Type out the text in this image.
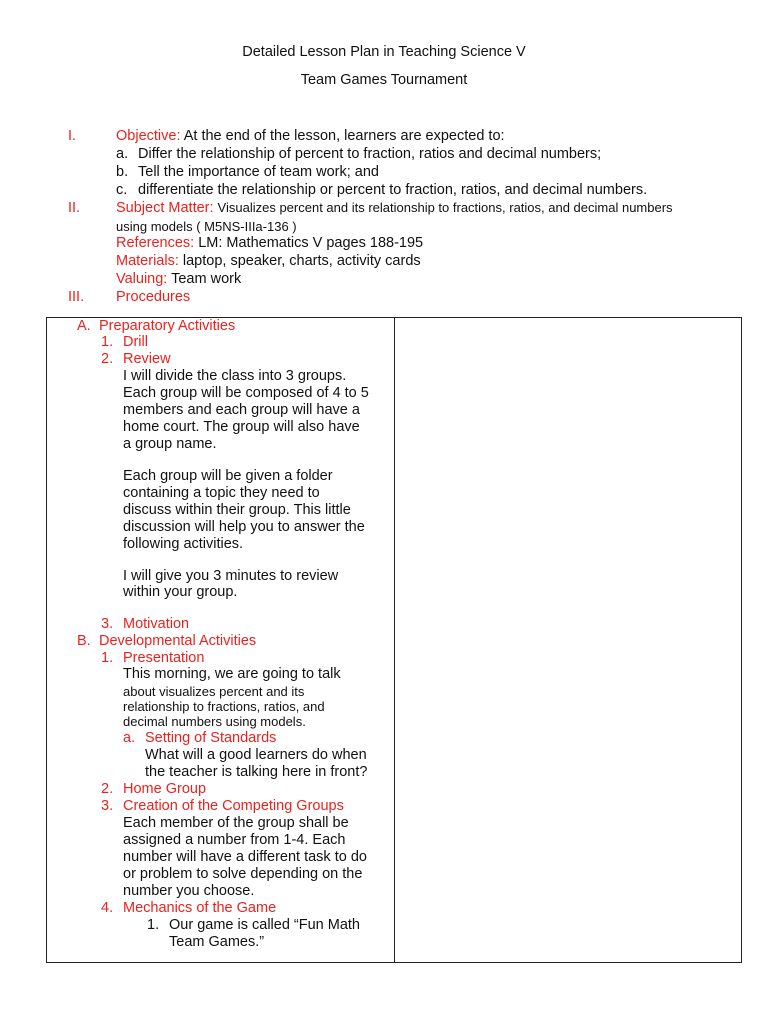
Detailed Lesson Plan in Teaching Science V
Team Games Tournament
I.	Objective: At the end of the lesson, learners are expected to:
a. Differ the relationship of percent to fraction, ratios and decimal numbers;
b. Tell the importance of team work; and
c. differentiate the relationship or percent to fraction, ratios, and decimal numbers.
II. Subject Matter: Visualizes percent and its relationship to fractions, ratios, and decimal numbers
using models ( M5NS-IIIa-136 )
References: LM: Mathematics V pages 188-195
Materials: laptop, speaker, charts, activity cards
Valuing: Team work
III. Procedures
A. Preparatory Activities
1. Drill
2. Review
I will divide the class into 3 groups.
Each group will be composed of 4 to 5
members and each group will have a
home court. The group will also have
a group name.
Each group will be given a folder
containing a topic they need to
discuss within their group. This little
discussion will help you to answer the
following activities.
I will give you 3 minutes to review
within your group.
3. Motivation
B. Developmental Activities
1. Presentation
This morning, we are going to talk
about visualizes percent and its
relationship to fractions, ratios, and
decimal numbers using models.
a. Setting of Standards
What will a good learners do when
the teacher is talking here in front?
2. Home Group
3. Creation of the Competing Groups
Each member of the group shall be
assigned a number from 1-4. Each
number will have a different task to do
or problem to solve depending on the
number you choose.
4. Mechanics of the Game
1. Our game is called “Fun Math
Team Games.”
